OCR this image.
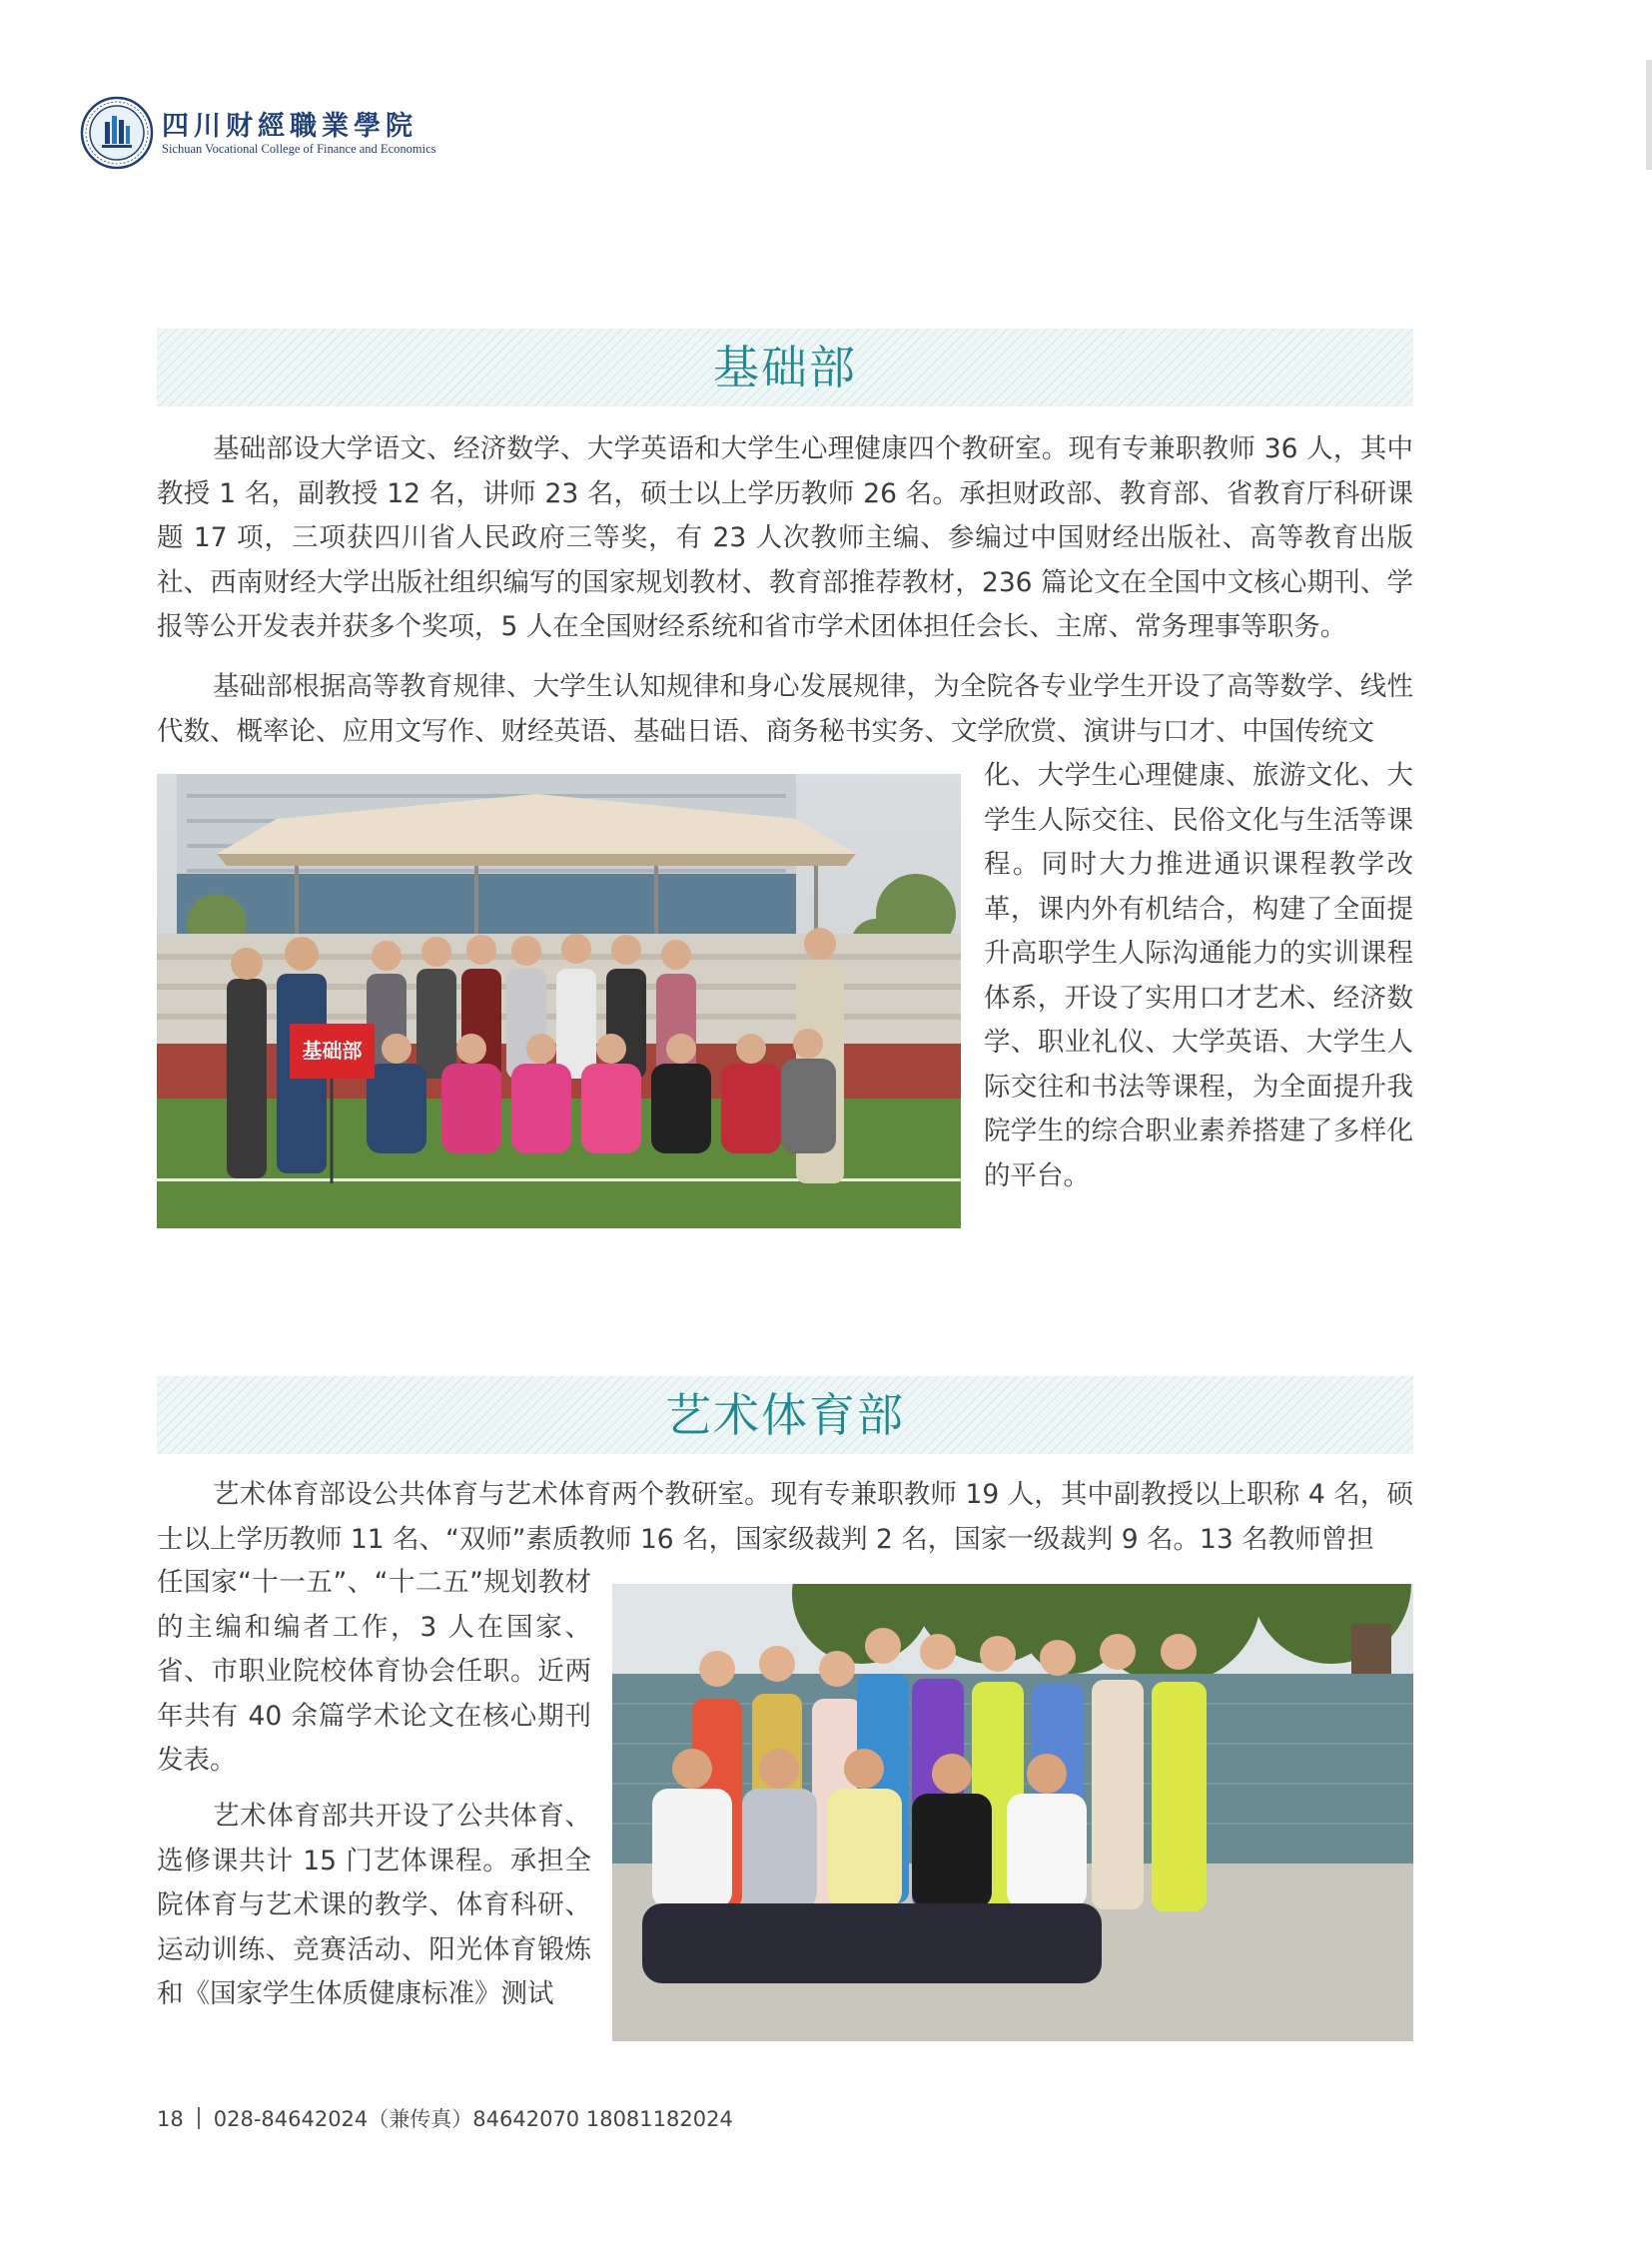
四川财經職業學院
Sichuan Vocational College of Finance and Economics
基础部

基础部设大学语文、经济数学、大学英语和大学生心理健康四个教研室。现有专兼职教师 36 人，其中教授 1 名，副教授 12 名，讲师 23 名，硕士以上学历教师 26 名。承担财政部、教育部、省教育厅科研课题 17 项，三项获四川省人民政府三等奖，有 23 人次教师主编、参编过中国财经出版社、高等教育出版社、西南财经大学出版社组织编写的国家规划教材、教育部推荐教材，236 篇论文在全国中文核心期刊、学报等公开发表并获多个奖项，5 人在全国财经系统和省市学术团体担任会长、主席、常务理事等职务。

基础部根据高等教育规律、大学生认知规律和身心发展规律，为全院各专业学生开设了高等数学、线性代数、概率论、应用文写作、财经英语、基础日语、商务秘书实务、文学欣赏、演讲与口才、中国传统文

基础部

化、大学生心理健康、旅游文化、大学生人际交往、民俗文化与生活等课程。同时大力推进通识课程教学改革，课内外有机结合，构建了全面提升高职学生人际沟通能力的实训课程体系，开设了实用口才艺术、经济数学、职业礼仪、大学英语、大学生人际交往和书法等课程，为全面提升我院学生的综合职业素养搭建了多样化的平台。

艺术体育部

艺术体育部设公共体育与艺术体育两个教研室。现有专兼职教师 19 人，其中副教授以上职称 4 名，硕士以上学历教师 11 名、“双师”素质教师 16 名，国家级裁判 2 名，国家一级裁判 9 名。13 名教师曾担

任国家“十一五”、“十二五”规划教材的主编和编者工作，3 人在国家、省、市职业院校体育协会任职。近两年共有 40 余篇学术论文在核心期刊发表。

艺术体育部共开设了公共体育、选修课共计 15 门艺体课程。承担全院体育与艺术课的教学、体育科研、运动训练、竞赛活动、阳光体育锻炼和《国家学生体质健康标准》测试

18 028-84642024（兼传真）84642070 18081182024
